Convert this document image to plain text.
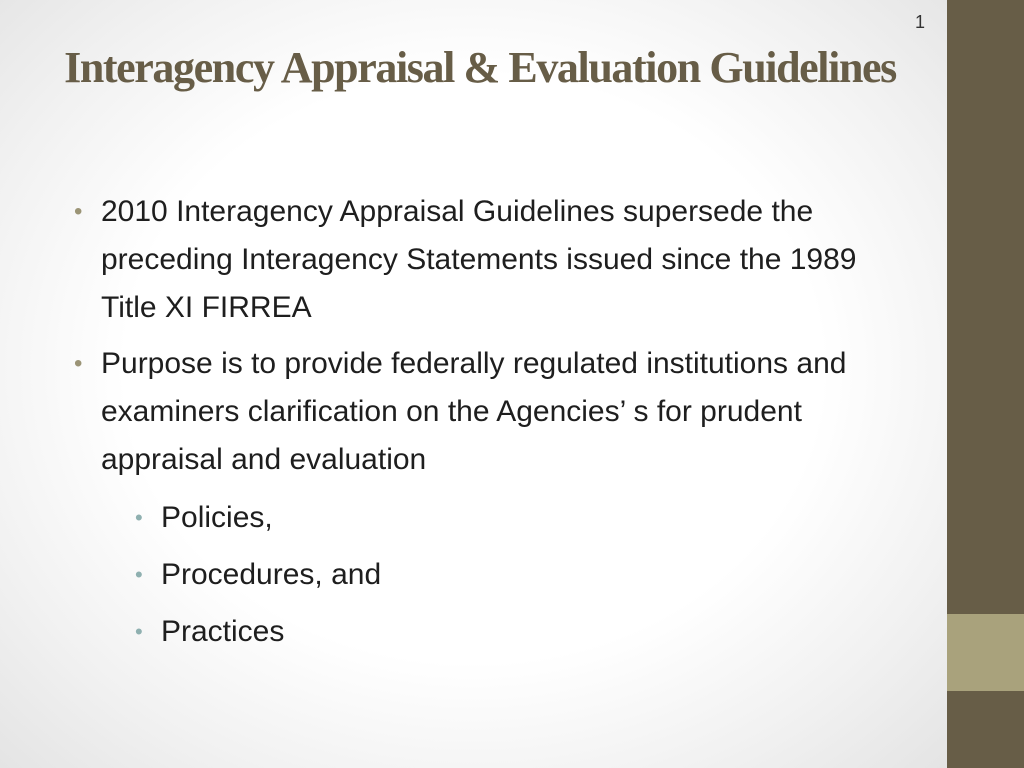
1
Interagency Appraisal & Evaluation Guidelines
• 2010 Interagency Appraisal Guidelines supersede the preceding Interagency Statements issued since the 1989 Title XI FIRREA
• Purpose is to provide federally regulated institutions and examiners clarification on the Agencies’ s for prudent appraisal and evaluation
• Policies,
• Procedures, and
• Practices
